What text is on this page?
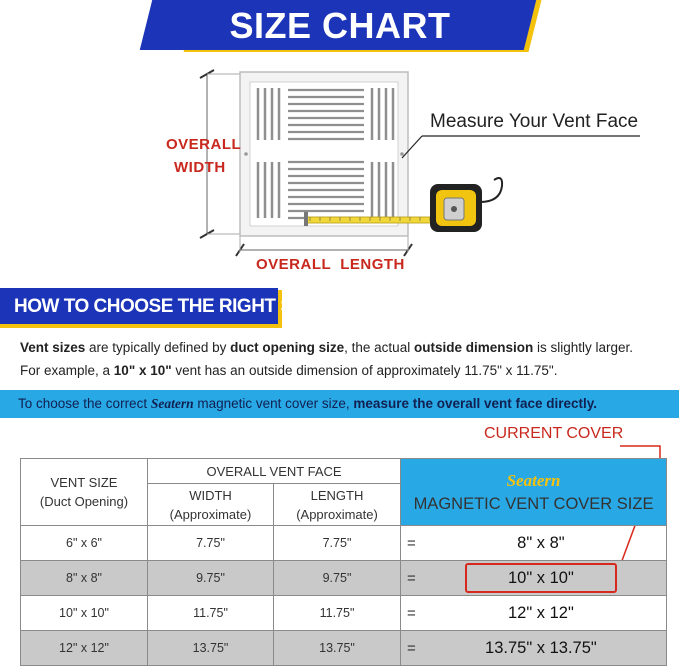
SIZE CHART
OVERALL
WIDTH
OVERALL  LENGTH
Measure Your Vent Face
HOW TO CHOOSE THE RIGHT SIZE
Vent sizes are typically defined by duct opening size, the actual outside dimension is slightly larger.
For example, a 10" x 10" vent has an outside dimension of approximately 11.75" x 11.75".
To choose the correct Seatern magnetic vent cover size, measure the overall vent face directly.
CURRENT COVER
VENT SIZE
(Duct Opening)	OVERALL VENT FACE		Seatern
MAGNETIC VENT COVER SIZE

	WIDTH
(Approximate)	LENGTH
(Approximate)	
6" x 6"	7.75"	7.75"	= 8" x 8"

8" x 8"	9.75"	9.75"	= 10" x 10"

10" x 10"	11.75"	11.75"	= 12" x 12"

12" x 12"	13.75"	13.75"	= 13.75" x 13.75"
